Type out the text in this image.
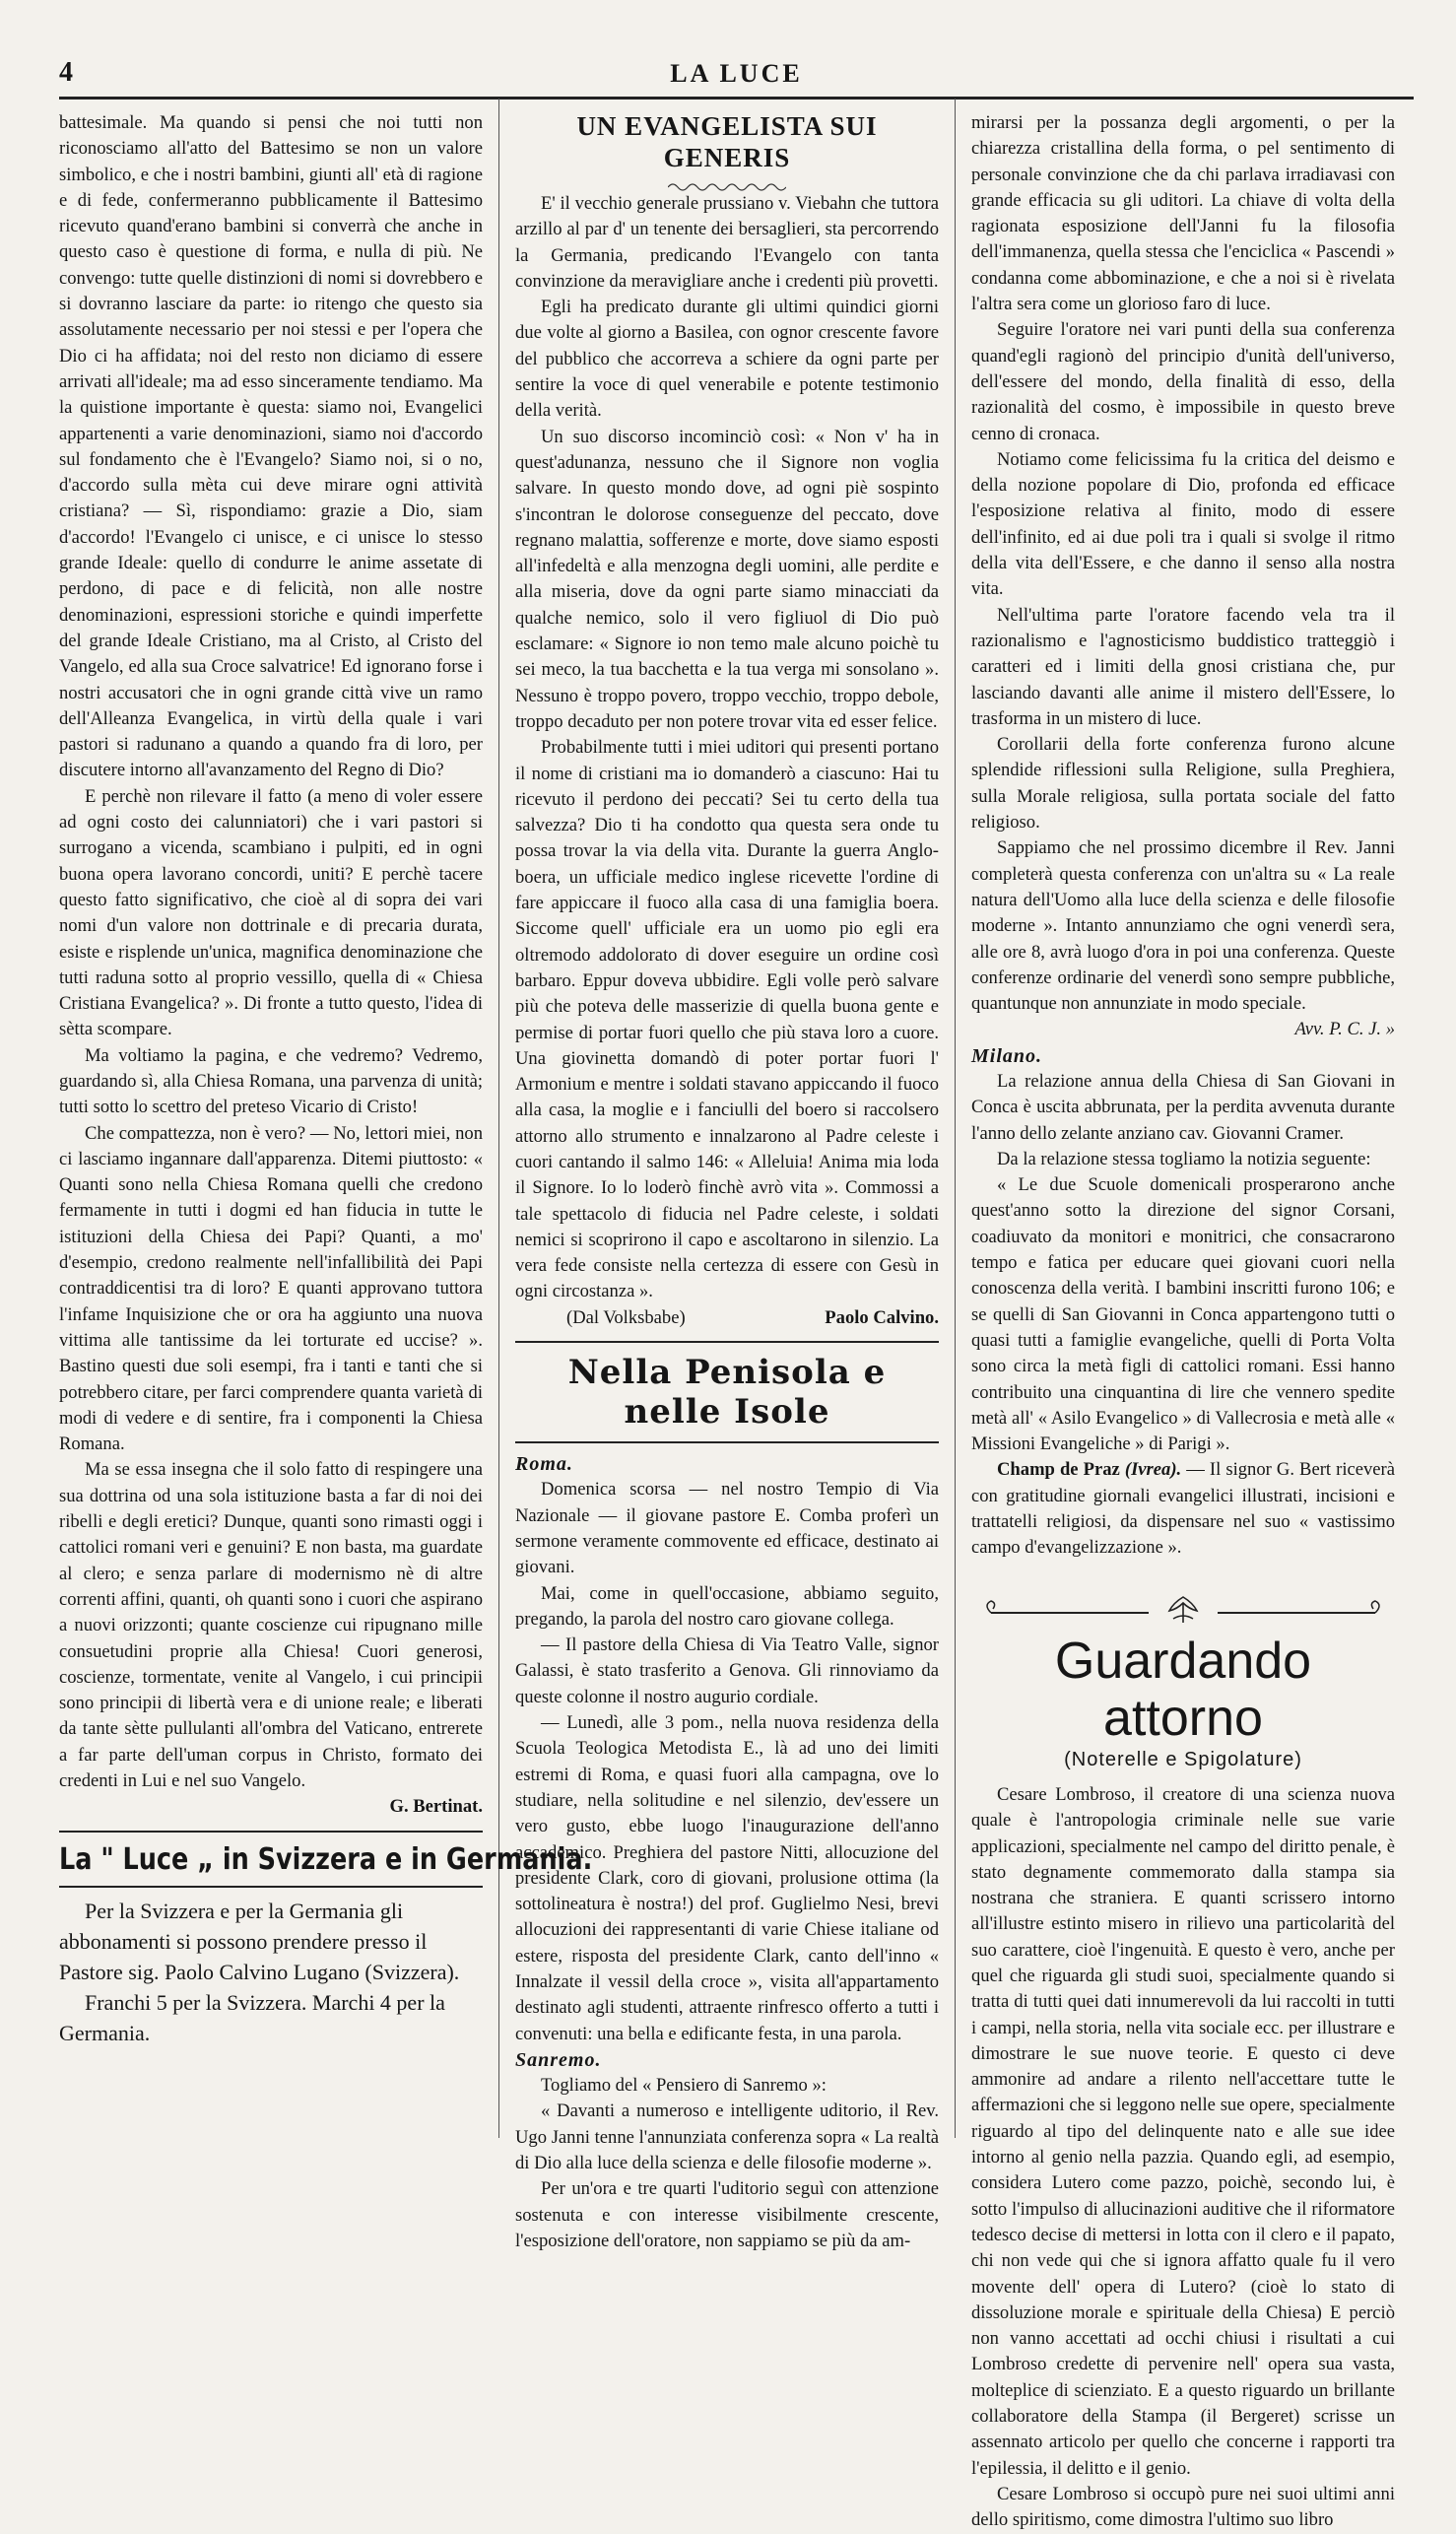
4	LA LUCE

battesimale. Ma quando si pensi che noi tutti non riconosciamo all'atto del Battesimo se non un valore simbolico, e che i nostri bambini, giunti all' età di ragione e di fede, confermeranno pubblicamente il Battesimo ricevuto quand'erano bambini si converrà che anche in questo caso è questione di forma, e nulla di più. Ne convengo: tutte quelle distinzioni di nomi si dovrebbero e si dovranno lasciare da parte: io ritengo che questo sia assolutamente necessario per noi stessi e per l'opera che Dio ci ha affidata; noi del resto non diciamo di essere arrivati all'ideale; ma ad esso sinceramente tendiamo. Ma la quistione importante è questa: siamo noi, Evangelici appartenenti a varie denominazioni, siamo noi d'accordo sul fondamento che è l'Evangelo? Siamo noi, si o no, d'accordo sulla mèta cui deve mirare ogni attività cristiana? — Sì, rispondiamo: grazie a Dio, siam d'accordo! l'Evangelo ci unisce, e ci unisce lo stesso grande Ideale: quello di condurre le anime assetate di perdono, di pace e di felicità, non alle nostre denominazioni, espressioni storiche e quindi imperfette del grande Ideale Cristiano, ma al Cristo, al Cristo del Vangelo, ed alla sua Croce salvatrice! Ed ignorano forse i nostri accusatori che in ogni grande città vive un ramo dell'Alleanza Evangelica, in virtù della quale i vari pastori si radunano a quando a quando fra di loro, per discutere intorno all'avanzamento del Regno di Dio?

E perchè non rilevare il fatto (a meno di voler essere ad ogni costo dei calunniatori) che i vari pastori si surrogano a vicenda, scambiano i pulpiti, ed in ogni buona opera lavorano concordi, uniti? E perchè tacere questo fatto significativo, che cioè al di sopra dei vari nomi d'un valore non dottrinale e di precaria durata, esiste e risplende un'unica, magnifica denominazione che tutti raduna sotto al proprio vessillo, quella di « Chiesa Cristiana Evangelica? ». Di fronte a tutto questo, l'idea di sètta scompare.

Ma voltiamo la pagina, e che vedremo? Vedremo, guardando sì, alla Chiesa Romana, una parvenza di unità; tutti sotto lo scettro del preteso Vicario di Cristo!

Che compattezza, non è vero? — No, lettori miei, non ci lasciamo ingannare dall'apparenza. Ditemi piuttosto: « Quanti sono nella Chiesa Romana quelli che credono fermamente in tutti i dogmi ed han fiducia in tutte le istituzioni della Chiesa dei Papi? Quanti, a mo' d'esempio, credono realmente nell'infallibilità dei Papi contraddicentisi tra di loro? E quanti approvano tuttora l'infame Inquisizione che or ora ha aggiunto una nuova vittima alle tantissime da lei torturate ed uccise? ». Bastino questi due soli esempi, fra i tanti e tanti che si potrebbero citare, per farci comprendere quanta varietà di modi di vedere e di sentire, fra i componenti la Chiesa Romana.

Ma se essa insegna che il solo fatto di respingere una sua dottrina od una sola istituzione basta a far di noi dei ribelli e degli eretici? Dunque, quanti sono rimasti oggi i cattolici romani veri e genuini? E non basta, ma guardate al clero; e senza parlare di modernismo nè di altre correnti affini, quanti, oh quanti sono i cuori che aspirano a nuovi orizzonti; quante coscienze cui ripugnano mille consuetudini proprie alla Chiesa! Cuori generosi, coscienze, tormentate, venite al Vangelo, i cui principii sono principii di libertà vera e di unione reale; e liberati da tante sètte pullulanti all'ombra del Vaticano, entrerete a far parte dell'uman corpus in Christo, formato dei credenti in Lui e nel suo Vangelo.

G. Bertinat.

La " Luce „ in Svizzera e in Germania.

Per la Svizzera e per la Germania gli abbonamenti si possono prendere presso il Pastore sig. Paolo Calvino Lugano (Svizzera).

Franchi 5 per la Svizzera. Marchi 4 per la Germania.

UN EVANGELISTA SUI GENERIS

E' il vecchio generale prussiano v. Viebahn che tuttora arzillo al par d' un tenente dei bersaglieri, sta percorrendo la Germania, predicando l'Evangelo con tanta convinzione da meravigliare anche i credenti più provetti.

Egli ha predicato durante gli ultimi quindici giorni due volte al giorno a Basilea, con ognor crescente favore del pubblico che accorreva a schiere da ogni parte per sentire la voce di quel venerabile e potente testimonio della verità.

Un suo discorso incominciò così: « Non v' ha in quest'adunanza, nessuno che il Signore non voglia salvare. In questo mondo dove, ad ogni piè sospinto s'incontran le dolorose conseguenze del peccato, dove regnano malattia, sofferenze e morte, dove siamo esposti all'infedeltà e alla menzogna degli uomini, alle perdite e alla miseria, dove da ogni parte siamo minacciati da qualche nemico, solo il vero figliuol di Dio può esclamare: « Signore io non temo male alcuno poichè tu sei meco, la tua bacchetta e la tua verga mi sonsolano ». Nessuno è troppo povero, troppo vecchio, troppo debole, troppo decaduto per non potere trovar vita ed esser felice.

Probabilmente tutti i miei uditori qui presenti portano il nome di cristiani ma io domanderò a ciascuno: Hai tu ricevuto il perdono dei peccati? Sei tu certo della tua salvezza? Dio ti ha condotto qua questa sera onde tu possa trovar la via della vita. Durante la guerra Anglo-boera, un ufficiale medico inglese ricevette l'ordine di fare appiccare il fuoco alla casa di una famiglia boera. Siccome quell' ufficiale era un uomo pio egli era oltremodo addolorato di dover eseguire un ordine così barbaro. Eppur doveva ubbidire. Egli volle però salvare più che poteva delle masserizie di quella buona gente e permise di portar fuori quello che più stava loro a cuore. Una giovinetta domandò di poter portar fuori l' Armonium e mentre i soldati stavano appiccando il fuoco alla casa, la moglie e i fanciulli del boero si raccolsero attorno allo strumento e innalzarono al Padre celeste i cuori cantando il salmo 146: « Alleluia! Anima mia loda il Signore. Io lo loderò finchè avrò vita ». Commossi a tale spettacolo di fiducia nel Padre celeste, i soldati nemici si scoprirono il capo e ascoltarono in silenzio. La vera fede consiste nella certezza di essere con Gesù in ogni circostanza ».

(Dal Volksbabe)	Paolo Calvino.

Nella Penisola e nelle Isole

Roma.

Domenica scorsa — nel nostro Tempio di Via Nazionale — il giovane pastore E. Comba proferì un sermone veramente commovente ed efficace, destinato ai giovani.

Mai, come in quell'occasione, abbiamo seguito, pregando, la parola del nostro caro giovane collega.

— Il pastore della Chiesa di Via Teatro Valle, signor Galassi, è stato trasferito a Genova. Gli rinnoviamo da queste colonne il nostro augurio cordiale.

— Lunedì, alle 3 pom., nella nuova residenza della Scuola Teologica Metodista E., là ad uno dei limiti estremi di Roma, e quasi fuori alla campagna, ove lo studiare, nella solitudine e nel silenzio, dev'essere un vero gusto, ebbe luogo l'inaugurazione dell'anno accademico. Preghiera del pastore Nitti, allocuzione del presidente Clark, coro di giovani, prolusione ottima (la sottolineatura è nostra!) del prof. Guglielmo Nesi, brevi allocuzioni dei rappresentanti di varie Chiese italiane od estere, risposta del presidente Clark, canto dell'inno « Innalzate il vessil della croce », visita all'appartamento destinato agli studenti, attraente rinfresco offerto a tutti i convenuti: una bella e edificante festa, in una parola.

Sanremo.

Togliamo del « Pensiero di Sanremo »:

« Davanti a numeroso e intelligente uditorio, il Rev. Ugo Janni tenne l'annunziata conferenza sopra « La realtà di Dio alla luce della scienza e delle filosofie moderne ».

Per un'ora e tre quarti l'uditorio seguì con attenzione sostenuta e con interesse visibilmente crescente, l'esposizione dell'oratore, non sappiamo se più da am-

mirarsi per la possanza degli argomenti, o per la chiarezza cristallina della forma, o pel sentimento di personale convinzione che da chi parlava irradiavasi con grande efficacia su gli uditori. La chiave di volta della ragionata esposizione dell'Janni fu la filosofia dell'immanenza, quella stessa che l'enciclica « Pascendi » condanna come abbominazione, e che a noi si è rivelata l'altra sera come un glorioso faro di luce.

Seguire l'oratore nei vari punti della sua conferenza quand'egli ragionò del principio d'unità dell'universo, dell'essere del mondo, della finalità di esso, della razionalità del cosmo, è impossibile in questo breve cenno di cronaca.

Notiamo come felicissima fu la critica del deismo e della nozione popolare di Dio, profonda ed efficace l'esposizione relativa al finito, modo di essere dell'infinito, ed ai due poli tra i quali si svolge il ritmo della vita dell'Essere, e che danno il senso alla nostra vita.

Nell'ultima parte l'oratore facendo vela tra il razionalismo e l'agnosticismo buddistico tratteggiò i caratteri ed i limiti della gnosi cristiana che, pur lasciando davanti alle anime il mistero dell'Essere, lo trasforma in un mistero di luce.

Corollarii della forte conferenza furono alcune splendide riflessioni sulla Religione, sulla Preghiera, sulla Morale religiosa, sulla portata sociale del fatto religioso.

Sappiamo che nel prossimo dicembre il Rev. Janni completerà questa conferenza con un'altra su « La reale natura dell'Uomo alla luce della scienza e delle filosofie moderne ». Intanto annunziamo che ogni venerdì sera, alle ore 8, avrà luogo d'ora in poi una conferenza. Queste conferenze ordinarie del venerdì sono sempre pubbliche, quantunque non annunziate in modo speciale.

Avv. P. C. J. »

Milano.

La relazione annua della Chiesa di San Giovani in Conca è uscita abbrunata, per la perdita avvenuta durante l'anno dello zelante anziano cav. Giovanni Cramer.

Da la relazione stessa togliamo la notizia seguente:

« Le due Scuole domenicali prosperarono anche quest'anno sotto la direzione del signor Corsani, coadiuvato da monitori e monitrici, che consacrarono tempo e fatica per educare quei giovani cuori nella conoscenza della verità. I bambini inscritti furono 106; e se quelli di San Giovanni in Conca appartengono tutti o quasi tutti a famiglie evangeliche, quelli di Porta Volta sono circa la metà figli di cattolici romani. Essi hanno contribuito una cinquantina di lire che vennero spedite metà all' « Asilo Evangelico » di Vallecrosia e metà alle « Missioni Evangeliche » di Parigi ».

Champ de Praz (Ivrea). — Il signor G. Bert riceverà con gratitudine giornali evangelici illustrati, incisioni e trattatelli religiosi, da dispensare nel suo « vastissimo campo d'evangelizzazione ».

Guardando attorno
(Noterelle e Spigolature)

Cesare Lombroso, il creatore di una scienza nuova quale è l'antropologia criminale nelle sue varie applicazioni, specialmente nel campo del diritto penale, è stato degnamente commemorato dalla stampa sia nostrana che straniera. E quanti scrissero intorno all'illustre estinto misero in rilievo una particolarità del suo carattere, cioè l'ingenuità. E questo è vero, anche per quel che riguarda gli studi suoi, specialmente quando si tratta di tutti quei dati innumerevoli da lui raccolti in tutti i campi, nella storia, nella vita sociale ecc. per illustrare e dimostrare le sue nuove teorie. E questo ci deve ammonire ad andare a rilento nell'accettare tutte le affermazioni che si leggono nelle sue opere, specialmente riguardo al tipo del delinquente nato e alle sue idee intorno al genio nella pazzia. Quando egli, ad esempio, considera Lutero come pazzo, poichè, secondo lui, è sotto l'impulso di allucinazioni auditive che il riformatore tedesco decise di mettersi in lotta con il clero e il papato, chi non vede qui che si ignora affatto quale fu il vero movente dell' opera di Lutero? (cioè lo stato di dissoluzione morale e spirituale della Chiesa) E perciò non vanno accettati ad occhi chiusi i risultati a cui Lombroso credette di pervenire nell' opera sua vasta, molteplice di scienziato. E a questo riguardo un brillante collaboratore della Stampa (il Bergeret) scrisse un assennato articolo per quello che concerne i rapporti tra l'epilessia, il delitto e il genio.

Cesare Lombroso si occupò pure nei suoi ultimi anni dello spiritismo, come dimostra l'ultimo suo libro
